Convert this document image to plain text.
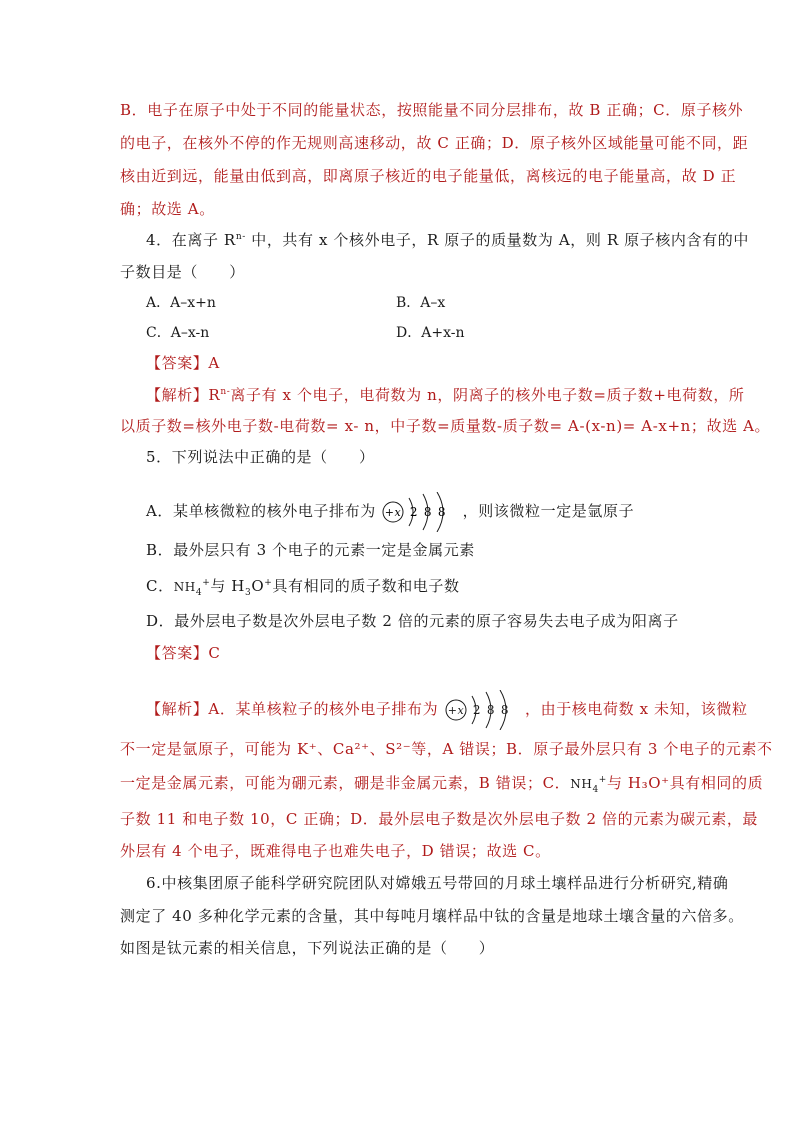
B．电子在原子中处于不同的能量状态，按照能量不同分层排布，故 B 正确；C．原子核外
的电子，在核外不停的作无规则高速移动，故 C 正确；D．原子核外区域能量可能不同，距
核由近到远，能量由低到高，即离原子核近的电子能量低，离核远的电子能量高，故 D 正
确；故选 A。
4．在离子 $R^{n-}$ 中，共有 x 个核外电子，R 原子的质量数为 A，则 R 原子核内含有的中
子数目是（　　）
A．A–x+n	B．A–x
C．A–x-n	D．A+x-n
【答案】A
【解析】$R^{n-}$离子有 x 个电子，电荷数为 n，阴离子的核外电子数=质子数+电荷数，所
以质子数=核外电子数-电荷数= x- n，中子数=质量数-质子数= A-(x-n)= A-x+n；故选 A。
5．下列说法中正确的是（　　）
A．某单核微粒的核外电子排布为 +x 2 8 8 ，则该微粒一定是氩原子
B．最外层只有 3 个电子的元素一定是金属元素
C．$NH_4^+$与 $H_3O^+$具有相同的质子数和电子数
D．最外层电子数是次外层电子数 2 倍的元素的原子容易失去电子成为阳离子
【答案】C
【解析】A．某单核粒子的核外电子排布为 +x 2 8 8 ，由于核电荷数 x 未知，该微粒
不一定是氩原子，可能为 K⁺、Ca²⁺、S²⁻等，A 错误；B．原子最外层只有 3 个电子的元素不
一定是金属元素，可能为硼元素，硼是非金属元素，B 错误；C．$NH_4^+$与 H₃O⁺具有相同的质
子数 11 和电子数 10，C 正确；D．最外层电子数是次外层电子数 2 倍的元素为碳元素，最
外层有 4 个电子，既难得电子也难失电子，D 错误；故选 C。
6.中核集团原子能科学研究院团队对嫦娥五号带回的月球土壤样品进行分析研究,精确
测定了 40 多种化学元素的含量，其中每吨月壤样品中钛的含量是地球土壤含量的六倍多。
如图是钛元素的相关信息，下列说法正确的是（　　）
